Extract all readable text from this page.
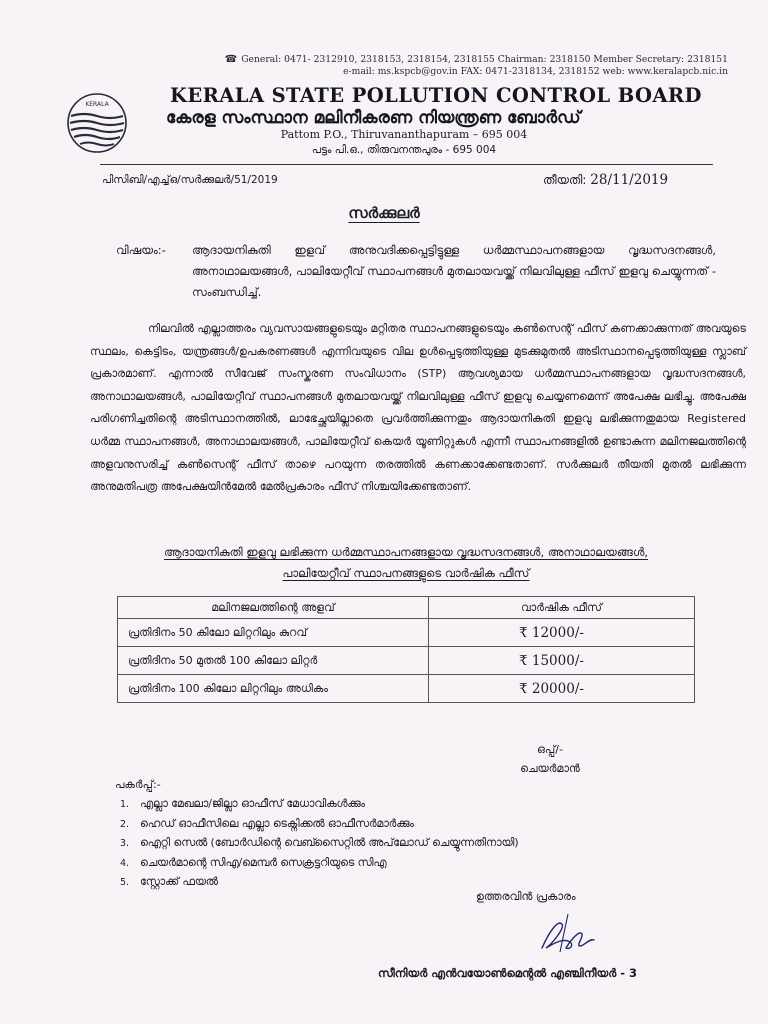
☎ General: 0471- 2312910, 2318153, 2318154, 2318155 Chairman: 2318150 Member Secretary: 2318151
e-mail: ms.kspcb@gov.in FAX: 0471-2318134, 2318152 web: www.keralapcb.nic.in
KERALA	KERALA STATE POLLUTION CONTROL BOARD
കേരള സംസ്ഥാന മലിനീകരണ നിയന്ത്രണ ബോർഡ്
Pattom P.O., Thiruvananthapuram – 695 004
പട്ടം പി.ഒ., തിരുവനന്തപുരം - 695 004
പിസിബി/എച്ച്ഒ/സർക്കുലർ/51/2019	തീയതി: 28/11/2019
സർക്കുലർ
വിഷയം:- ആദായനികുതി ഇളവ് അനുവദിക്കപ്പെട്ടിട്ടുള്ള ധർമ്മസ്ഥാപനങ്ങളായ വൃദ്ധസദനങ്ങൾ, അനാഥാലയങ്ങൾ, പാലിയേറ്റീവ് സ്ഥാപനങ്ങൾ മുതലായവയ്ക്ക് നിലവിലുള്ള ഫീസ് ഇളവു ചെയ്യുന്നത് - സംബന്ധിച്ച്.
നിലവിൽ എല്ലാത്തരം വ്യവസായങ്ങളുടെയും മറ്റിതര സ്ഥാപനങ്ങളുടെയും കൺസെന്റ് ഫീസ് കണക്കാക്കുന്നത് അവയുടെ സ്ഥലം, കെട്ടിടം, യന്ത്രങ്ങൾ/ഉപകരണങ്ങൾ എന്നിവയുടെ വില ഉൾപ്പെടുത്തിയുള്ള മുടക്കുമുതൽ അടിസ്ഥാനപ്പെടുത്തിയുള്ള സ്ലാബ് പ്രകാരമാണ്. എന്നാൽ സീവേജ് സംസ്കരണ സംവിധാനം (STP) ആവശ്യമായ ധർമ്മസ്ഥാപനങ്ങളായ വൃദ്ധസദനങ്ങൾ, അനാഥാലയങ്ങൾ, പാലിയേറ്റീവ് സ്ഥാപനങ്ങൾ മുതലായവയ്ക്ക് നിലവിലുള്ള ഫീസ് ഇളവു ചെയ്യണമെന്ന് അപേക്ഷ ലഭിച്ചു. അപേക്ഷ പരിഗണിച്ചതിന്റെ അടിസ്ഥാനത്തിൽ, ലാഭേച്ഛയില്ലാതെ പ്രവർത്തിക്കുന്നതും ആദായനികുതി ഇളവു ലഭിക്കുന്നതുമായ Registered ധർമ്മ സ്ഥാപനങ്ങൾ, അനാഥാലയങ്ങൾ, പാലിയേറ്റീവ് കെയർ യൂണിറ്റുകൾ എന്നീ സ്ഥാപനങ്ങളിൽ ഉണ്ടാകുന്ന മലിനജലത്തിന്റെ അളവനുസരിച്ച് കൺസെന്റ് ഫീസ് താഴെ പറയുന്ന തരത്തിൽ കണക്കാക്കേണ്ടതാണ്. സർക്കുലർ തീയതി മുതൽ ലഭിക്കുന്ന അനുമതിപത്ര അപേക്ഷയിൻമേൽ മേൽപ്രകാരം ഫീസ് നിശ്ചയിക്കേണ്ടതാണ്.
ആദായനികുതി ഇളവു ലഭിക്കുന്ന ധർമ്മസ്ഥാപനങ്ങളായ വൃദ്ധസദനങ്ങൾ, അനാഥാലയങ്ങൾ,
പാലിയേറ്റീവ് സ്ഥാപനങ്ങളുടെ വാർഷിക ഫീസ്
മലിനജലത്തിന്റെ അളവ്	വാർഷിക ഫീസ്
പ്രതിദിനം 50 കിലോ ലിറ്ററിലും കുറവ്	₹ 12000/-
പ്രതിദിനം 50 മുതൽ 100 കിലോ ലിറ്റർ	₹ 15000/-
പ്രതിദിനം 100 കിലോ ലിറ്ററിലും അധികം	₹ 20000/-
ഒപ്പ്/-
ചെയർമാൻ
പകർപ്പ്:-
1. എല്ലാ മേഖലാ/ജില്ലാ ഓഫീസ് മേധാവികൾക്കും
2. ഹെഡ് ഓഫീസിലെ എല്ലാ ടെക്നിക്കൽ ഓഫീസർമാർക്കും
3. ഐറ്റി സെൽ (ബോർഡിന്റെ വെബ്സൈറ്റിൽ അപ്‌ലോഡ് ചെയ്യുന്നതിനായി)
4. ചെയർമാന്റെ സിഎ/മെമ്പർ സെക്രട്ടറിയുടെ സിഎ
5. സ്റ്റോക്ക് ഫയൽ
ഉത്തരവിൻ പ്രകാരം
സീനിയർ എൻവയോൺമെന്റൽ എഞ്ചിനീയർ - 3
